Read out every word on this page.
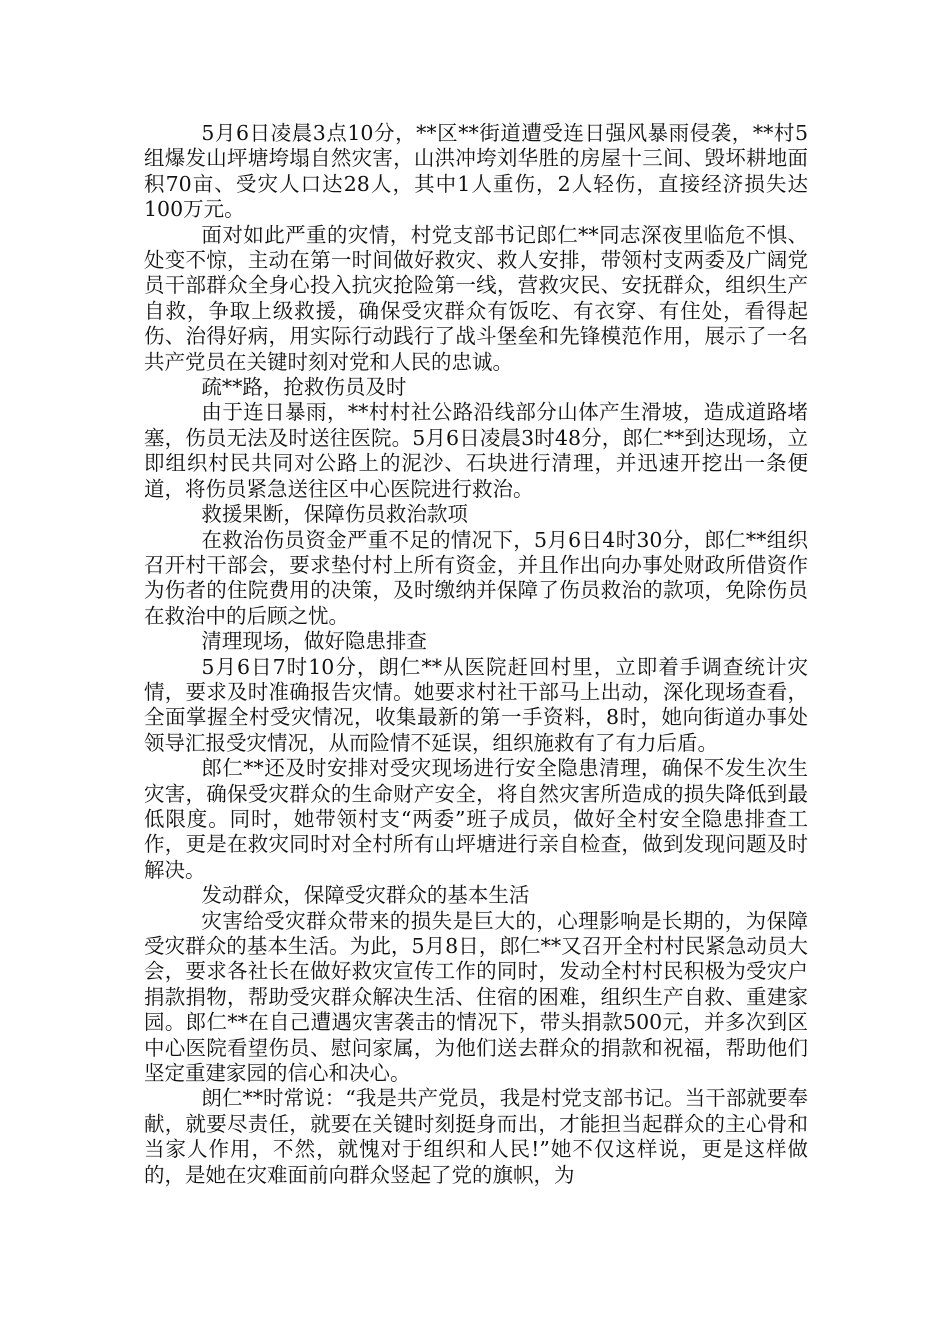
5月6日凌晨3点10分，**区**街道遭受连日强风暴雨侵袭，**村5组爆发山坪塘垮塌自然灾害，山洪冲垮刘华胜的房屋十三间、毁坏耕地面积70亩、受灾人口达28人，其中1人重伤，2人轻伤，直接经济损失达100万元。

面对如此严重的灾情，村党支部书记郎仁**同志深夜里临危不惧、处变不惊，主动在第一时间做好救灾、救人安排，带领村支两委及广阔党员干部群众全身心投入抗灾抢险第一线，营救灾民、安抚群众，组织生产自救，争取上级救援，确保受灾群众有饭吃、有衣穿、有住处，看得起伤、治得好病，用实际行动践行了战斗堡垒和先锋模范作用，展示了一名共产党员在关键时刻对党和人民的忠诚。

疏**路，抢救伤员及时

由于连日暴雨，**村村社公路沿线部分山体产生滑坡，造成道路堵塞，伤员无法及时送往医院。5月6日凌晨3时48分，郎仁**到达现场，立即组织村民共同对公路上的泥沙、石块进行清理，并迅速开挖出一条便道，将伤员紧急送往区中心医院进行救治。

救援果断，保障伤员救治款项

在救治伤员资金严重不足的情况下，5月6日4时30分，郎仁**组织召开村干部会，要求垫付村上所有资金，并且作出向办事处财政所借资作为伤者的住院费用的决策，及时缴纳并保障了伤员救治的款项，免除伤员在救治中的后顾之忧。

清理现场，做好隐患排查

5月6日7时10分，朗仁**从医院赶回村里，立即着手调查统计灾情，要求及时准确报告灾情。她要求村社干部马上出动，深化现场查看，全面掌握全村受灾情况，收集最新的第一手资料，8时，她向街道办事处领导汇报受灾情况，从而险情不延误，组织施救有了有力后盾。

郎仁**还及时安排对受灾现场进行安全隐患清理，确保不发生次生灾害，确保受灾群众的生命财产安全，将自然灾害所造成的损失降低到最低限度。同时，她带领村支“两委”班子成员，做好全村安全隐患排查工作，更是在救灾同时对全村所有山坪塘进行亲自检查，做到发现问题及时解决。

发动群众，保障受灾群众的基本生活

灾害给受灾群众带来的损失是巨大的，心理影响是长期的，为保障受灾群众的基本生活。为此，5月8日，郎仁**又召开全村村民紧急动员大会，要求各社长在做好救灾宣传工作的同时，发动全村村民积极为受灾户捐款捐物，帮助受灾群众解决生活、住宿的困难，组织生产自救、重建家园。郎仁**在自己遭遇灾害袭击的情况下，带头捐款500元，并多次到区中心医院看望伤员、慰问家属，为他们送去群众的捐款和祝福，帮助他们坚定重建家园的信心和决心。

朗仁**时常说：“我是共产党员，我是村党支部书记。当干部就要奉献，就要尽责任，就要在关键时刻挺身而出，才能担当起群众的主心骨和当家人作用，不然，就愧对于组织和人民!”她不仅这样说，更是这样做的，是她在灾难面前向群众竖起了党的旗帜，为
